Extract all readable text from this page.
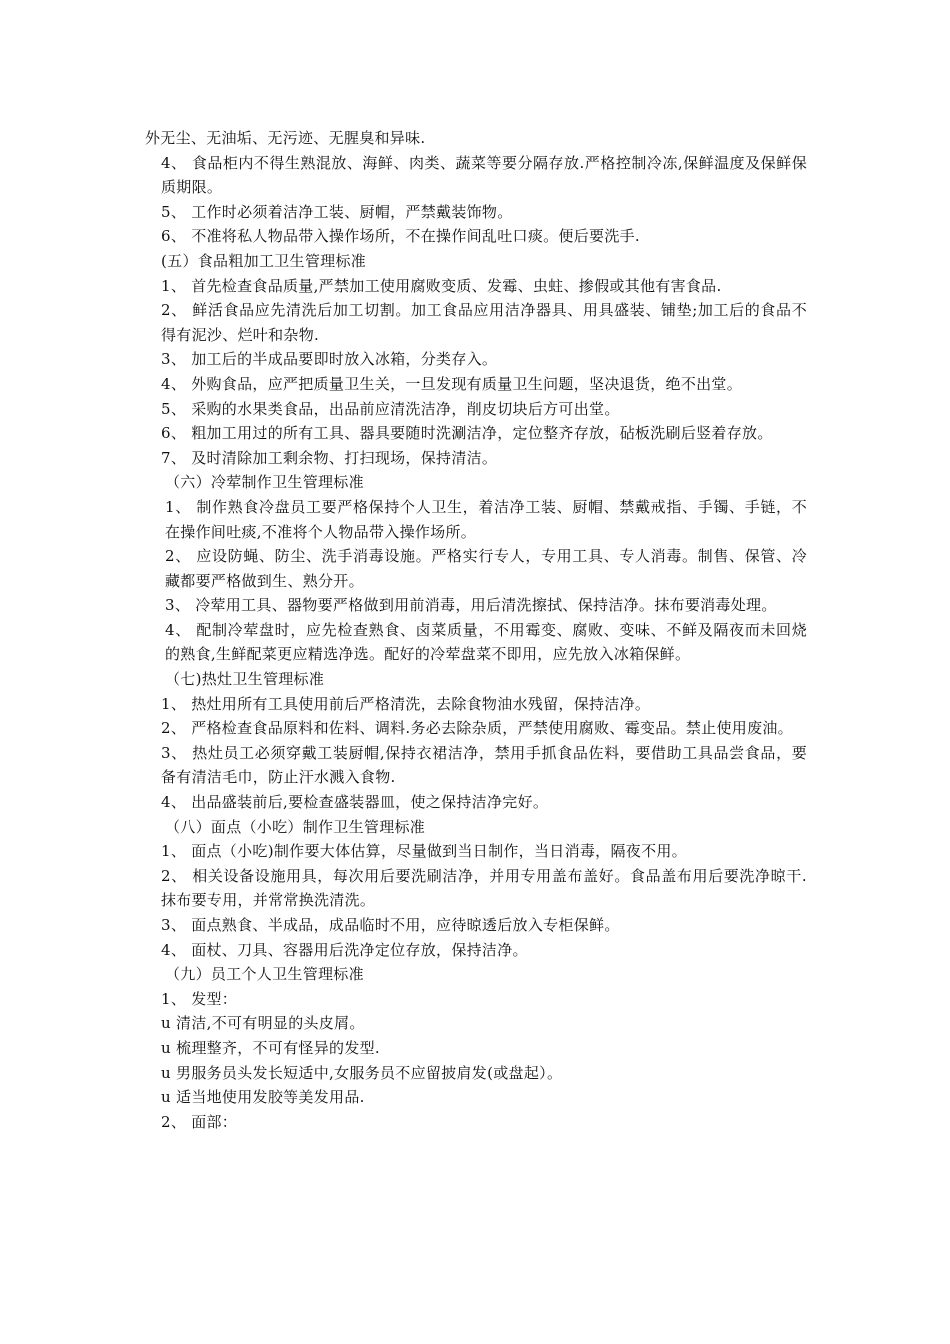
外无尘、无油垢、无污迹、无腥臭和异味.
4、 食品柜内不得生熟混放、海鲜、肉类、蔬菜等要分隔存放.严格控制冷冻,保鲜温度及保鲜保质期限。
5、 工作时必须着洁净工装、厨帽，严禁戴装饰物。
6、 不准将私人物品带入操作场所，不在操作间乱吐口痰。便后要洗手.
(五）食品粗加工卫生管理标准
1、 首先检查食品质量,严禁加工使用腐败变质、发霉、虫蛀、掺假或其他有害食品.
2、 鲜活食品应先清洗后加工切割。加工食品应用洁净器具、用具盛装、铺垫;加工后的食品不得有泥沙、烂叶和杂物.
3、 加工后的半成品要即时放入冰箱，分类存入。
4、 外购食品，应严把质量卫生关，一旦发现有质量卫生问题，坚决退货，绝不出堂。
5、 采购的水果类食品，出品前应清洗洁净，削皮切块后方可出堂。
6、 粗加工用过的所有工具、器具要随时洗涮洁净，定位整齐存放，砧板洗刷后竖着存放。
7、 及时清除加工剩余物、打扫现场，保持清洁。
（六）冷荤制作卫生管理标准
1、 制作熟食冷盘员工要严格保持个人卫生，着洁净工装、厨帽、禁戴戒指、手镯、手链，不在操作间吐痰,不准将个人物品带入操作场所。
2、 应设防蝇、防尘、洗手消毒设施。严格实行专人，专用工具、专人消毒。制售、保管、冷藏都要严格做到生、熟分开。
3、 冷荤用工具、器物要严格做到用前消毒，用后清洗擦拭、保持洁净。抹布要消毒处理。
4、 配制冷荤盘时，应先检查熟食、卤菜质量，不用霉变、腐败、变味、不鲜及隔夜而未回烧的熟食,生鲜配菜更应精选净选。配好的冷荤盘菜不即用，应先放入冰箱保鲜。
（七)热灶卫生管理标准
1、 热灶用所有工具使用前后严格清洗，去除食物油水残留，保持洁净。
2、 严格检查食品原料和佐料、调料.务必去除杂质，严禁使用腐败、霉变品。禁止使用废油。
3、 热灶员工必须穿戴工装厨帽,保持衣裙洁净，禁用手抓食品佐料，要借助工具品尝食品，要备有清洁毛巾，防止汗水溅入食物.
4、 出品盛装前后,要检查盛装器皿，使之保持洁净完好。
（八）面点（小吃）制作卫生管理标准
1、 面点（小吃)制作要大体估算，尽量做到当日制作，当日消毒，隔夜不用。
2、 相关设备设施用具，每次用后要洗刷洁净，并用专用盖布盖好。食品盖布用后要洗净晾干.抹布要专用，并常常换洗清洗。
3、 面点熟食、半成品，成品临时不用，应待晾透后放入专柜保鲜。
4、 面杖、刀具、容器用后洗净定位存放，保持洁净。
（九）员工个人卫生管理标准
1、 发型：
u 清洁,不可有明显的头皮屑。
u 梳理整齐，不可有怪异的发型.
u 男服务员头发长短适中,女服务员不应留披肩发(或盘起）。
u 适当地使用发胶等美发用品.
2、 面部：
